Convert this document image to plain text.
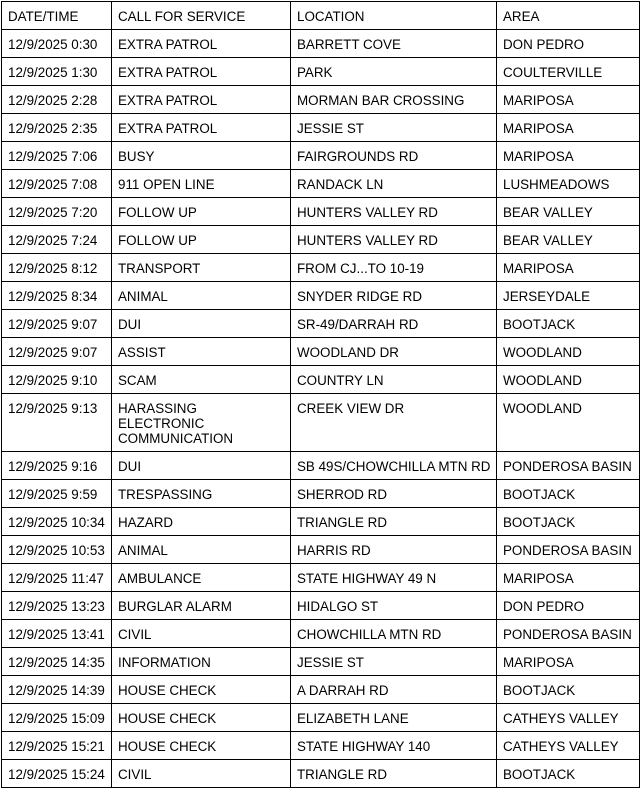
DATE/TIME	CALL FOR SERVICE	LOCATION	AREA
12/9/2025 0:30	EXTRA PATROL	BARRETT COVE	DON PEDRO
12/9/2025 1:30	EXTRA PATROL	PARK	COULTERVILLE
12/9/2025 2:28	EXTRA PATROL	MORMAN BAR CROSSING	MARIPOSA
12/9/2025 2:35	EXTRA PATROL	JESSIE ST	MARIPOSA
12/9/2025 7:06	BUSY	FAIRGROUNDS RD	MARIPOSA
12/9/2025 7:08	911 OPEN LINE	RANDACK LN	LUSHMEADOWS
12/9/2025 7:20	FOLLOW UP	HUNTERS VALLEY RD	BEAR VALLEY
12/9/2025 7:24	FOLLOW UP	HUNTERS VALLEY RD	BEAR VALLEY
12/9/2025 8:12	TRANSPORT	FROM CJ...TO 10-19	MARIPOSA
12/9/2025 8:34	ANIMAL	SNYDER RIDGE RD	JERSEYDALE
12/9/2025 9:07	DUI	SR-49/DARRAH RD	BOOTJACK
12/9/2025 9:07	ASSIST	WOODLAND DR	WOODLAND
12/9/2025 9:10	SCAM	COUNTRY LN	WOODLAND
12/9/2025 9:13	HARASSING ELECTRONIC COMMUNICATION	CREEK VIEW DR	WOODLAND
12/9/2025 9:16	DUI	SB 49S/CHOWCHILLA MTN RD	PONDEROSA BASIN
12/9/2025 9:59	TRESPASSING	SHERROD RD	BOOTJACK
12/9/2025 10:34	HAZARD	TRIANGLE RD	BOOTJACK
12/9/2025 10:53	ANIMAL	HARRIS RD	PONDEROSA BASIN
12/9/2025 11:47	AMBULANCE	STATE HIGHWAY 49 N	MARIPOSA
12/9/2025 13:23	BURGLAR ALARM	HIDALGO ST	DON PEDRO
12/9/2025 13:41	CIVIL	CHOWCHILLA MTN RD	PONDEROSA BASIN
12/9/2025 14:35	INFORMATION	JESSIE ST	MARIPOSA
12/9/2025 14:39	HOUSE CHECK	A DARRAH RD	BOOTJACK
12/9/2025 15:09	HOUSE CHECK	ELIZABETH LANE	CATHEYS VALLEY
12/9/2025 15:21	HOUSE CHECK	STATE HIGHWAY 140	CATHEYS VALLEY
12/9/2025 15:24	CIVIL	TRIANGLE RD	BOOTJACK
